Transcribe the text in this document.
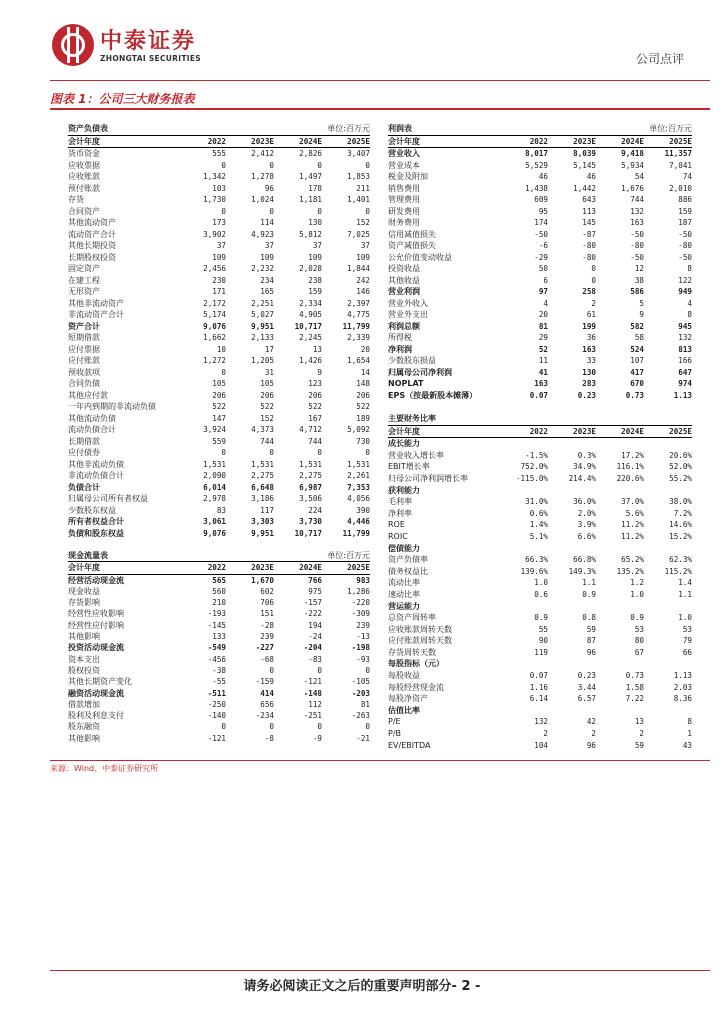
中泰证券
ZHONGTAI SECURITIES	公司点评
图表 1：公司三大财务报表
资产负债表	单位:百万元
会计年度	2022	2023E	2024E	2025E
货币资金	555	2,412	2,826	3,407
应收票据	0	0	0	0
应收账款	1,342	1,278	1,497	1,853
预付账款	103	96	178	211
存货	1,730	1,024	1,181	1,401
合同资产	0	0	0	0
其他流动资产	173	114	130	152
流动资产合计	3,902	4,923	5,812	7,025
其他长期投资	37	37	37	37
长期股权投资	109	109	109	109
固定资产	2,456	2,232	2,028	1,844
在建工程	230	234	238	242
无形资产	171	165	159	146
其他非流动资产	2,172	2,251	2,334	2,397
非流动资产合计	5,174	5,027	4,905	4,775
资产合计	9,076	9,951	10,717	11,799
短期借款	1,662	2,133	2,245	2,339
应付票据	10	17	13	20
应付账款	1,272	1,205	1,426	1,654
预收款项	0	31	9	14
合同负债	105	105	123	148
其他应付款	206	206	206	206
一年内到期的非流动负债	522	522	522	522
其他流动负债	147	152	167	189
流动负债合计	3,924	4,373	4,712	5,092
长期借款	559	744	744	730
应付债券	0	0	0	0
其他非流动负债	1,531	1,531	1,531	1,531
非流动负债合计	2,090	2,275	2,275	2,261
负债合计	6,014	6,648	6,987	7,353
归属母公司所有者权益	2,978	3,186	3,506	4,056
少数股东权益	83	117	224	390
所有者权益合计	3,061	3,303	3,730	4,446
负债和股东权益	9,076	9,951	10,717	11,799
现金流量表	单位:百万元
会计年度	2022	2023E	2024E	2025E
经营活动现金流	565	1,670	766	983
现金收益	560	602	975	1,286
存货影响	210	706	-157	-220
经营性应收影响	-193	151	-222	-309
经营性应付影响	-145	-28	194	239
其他影响	133	239	-24	-13
投资活动现金流	-549	-227	-204	-198
资本支出	-456	-68	-83	-93
股权投资	-38	0	0	0
其他长期资产变化	-55	-159	-121	-105
融资活动现金流	-511	414	-148	-203
借款增加	-250	656	112	81
股利及利息支付	-140	-234	-251	-263
股东融资	0	0	0	0
其他影响	-121	-8	-9	-21
利润表	单位:百万元
会计年度	2022	2023E	2024E	2025E
营业收入	8,017	8,039	9,418	11,357
营业成本	5,529	5,145	5,934	7,041
税金及附加	46	46	54	74
销售费用	1,438	1,442	1,676	2,010
管理费用	609	643	744	886
研发费用	95	113	132	159
财务费用	174	145	163	187
信用减值损失	-50	-87	-50	-50
资产减值损失	-6	-80	-80	-80
公允价值变动收益	-29	-80	-50	-50
投资收益	50	0	12	8
其他收益	6	0	38	122
营业利润	97	258	586	949
营业外收入	4	2	5	4
营业外支出	20	61	9	8
利润总额	81	199	582	945
所得税	29	36	58	132
净利润	52	163	524	813
少数股东损益	11	33	107	166
归属母公司净利润	41	130	417	647
NOPLAT	163	283	670	974
EPS（按最新股本摊薄）	0.07	0.23	0.73	1.13
主要财务比率
会计年度	2022	2023E	2024E	2025E
成长能力
营业收入增长率	-1.5%	0.3%	17.2%	20.6%
EBIT增长率	752.0%	34.9%	116.1%	52.0%
归母公司净利润增长率	-115.0%	214.4%	220.6%	55.2%
获利能力
毛利率	31.0%	36.0%	37.0%	38.0%
净利率	0.6%	2.0%	5.6%	7.2%
ROE	1.4%	3.9%	11.2%	14.6%
ROIC	5.1%	6.6%	11.2%	15.2%
偿债能力
资产负债率	66.3%	66.8%	65.2%	62.3%
债务权益比	139.6%	149.3%	135.2%	115.2%
流动比率	1.0	1.1	1.2	1.4
速动比率	0.6	0.9	1.0	1.1
营运能力
总资产周转率	0.9	0.8	0.9	1.0
应收账款周转天数	55	59	53	53
应付账款周转天数	90	87	80	79
存货周转天数	119	96	67	66
每股指标（元）
每股收益	0.07	0.23	0.73	1.13
每股经营现金流	1.16	3.44	1.58	2.03
每股净资产	6.14	6.57	7.22	8.36
估值比率
P/E	132	42	13	8
P/B	2	2	2	1
EV/EBITDA	104	96	59	43
来源：Wind、中泰证券研究所
请务必阅读正文之后的重要声明部分- 2 -
